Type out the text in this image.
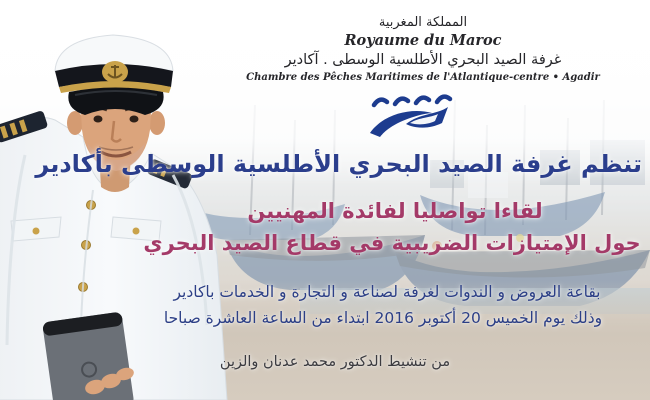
المملكة المغربية
Royaume du Maroc
غرفة الصيد البحري الأطلسية الوسطى . آكادير
Chambre des Pêches Maritimes de l'Atlantique-centre • Agadir
تنظم غرفة الصيد البحري الأطلسية الوسطى بأكادير
لقاءا تواصليا لفائدة المهنيين
حول الإمتيازات الضريبية في قطاع الصيد البحري
بقاعة العروض و الندوات لغرفة لصناعة و التجارة و الخدمات باكادير
وذلك يوم الخميس 20 أكتوبر 2016 ابتداء من الساعة العاشرة صباحا
من تنشيط الدكتور محمد عدنان والزين
